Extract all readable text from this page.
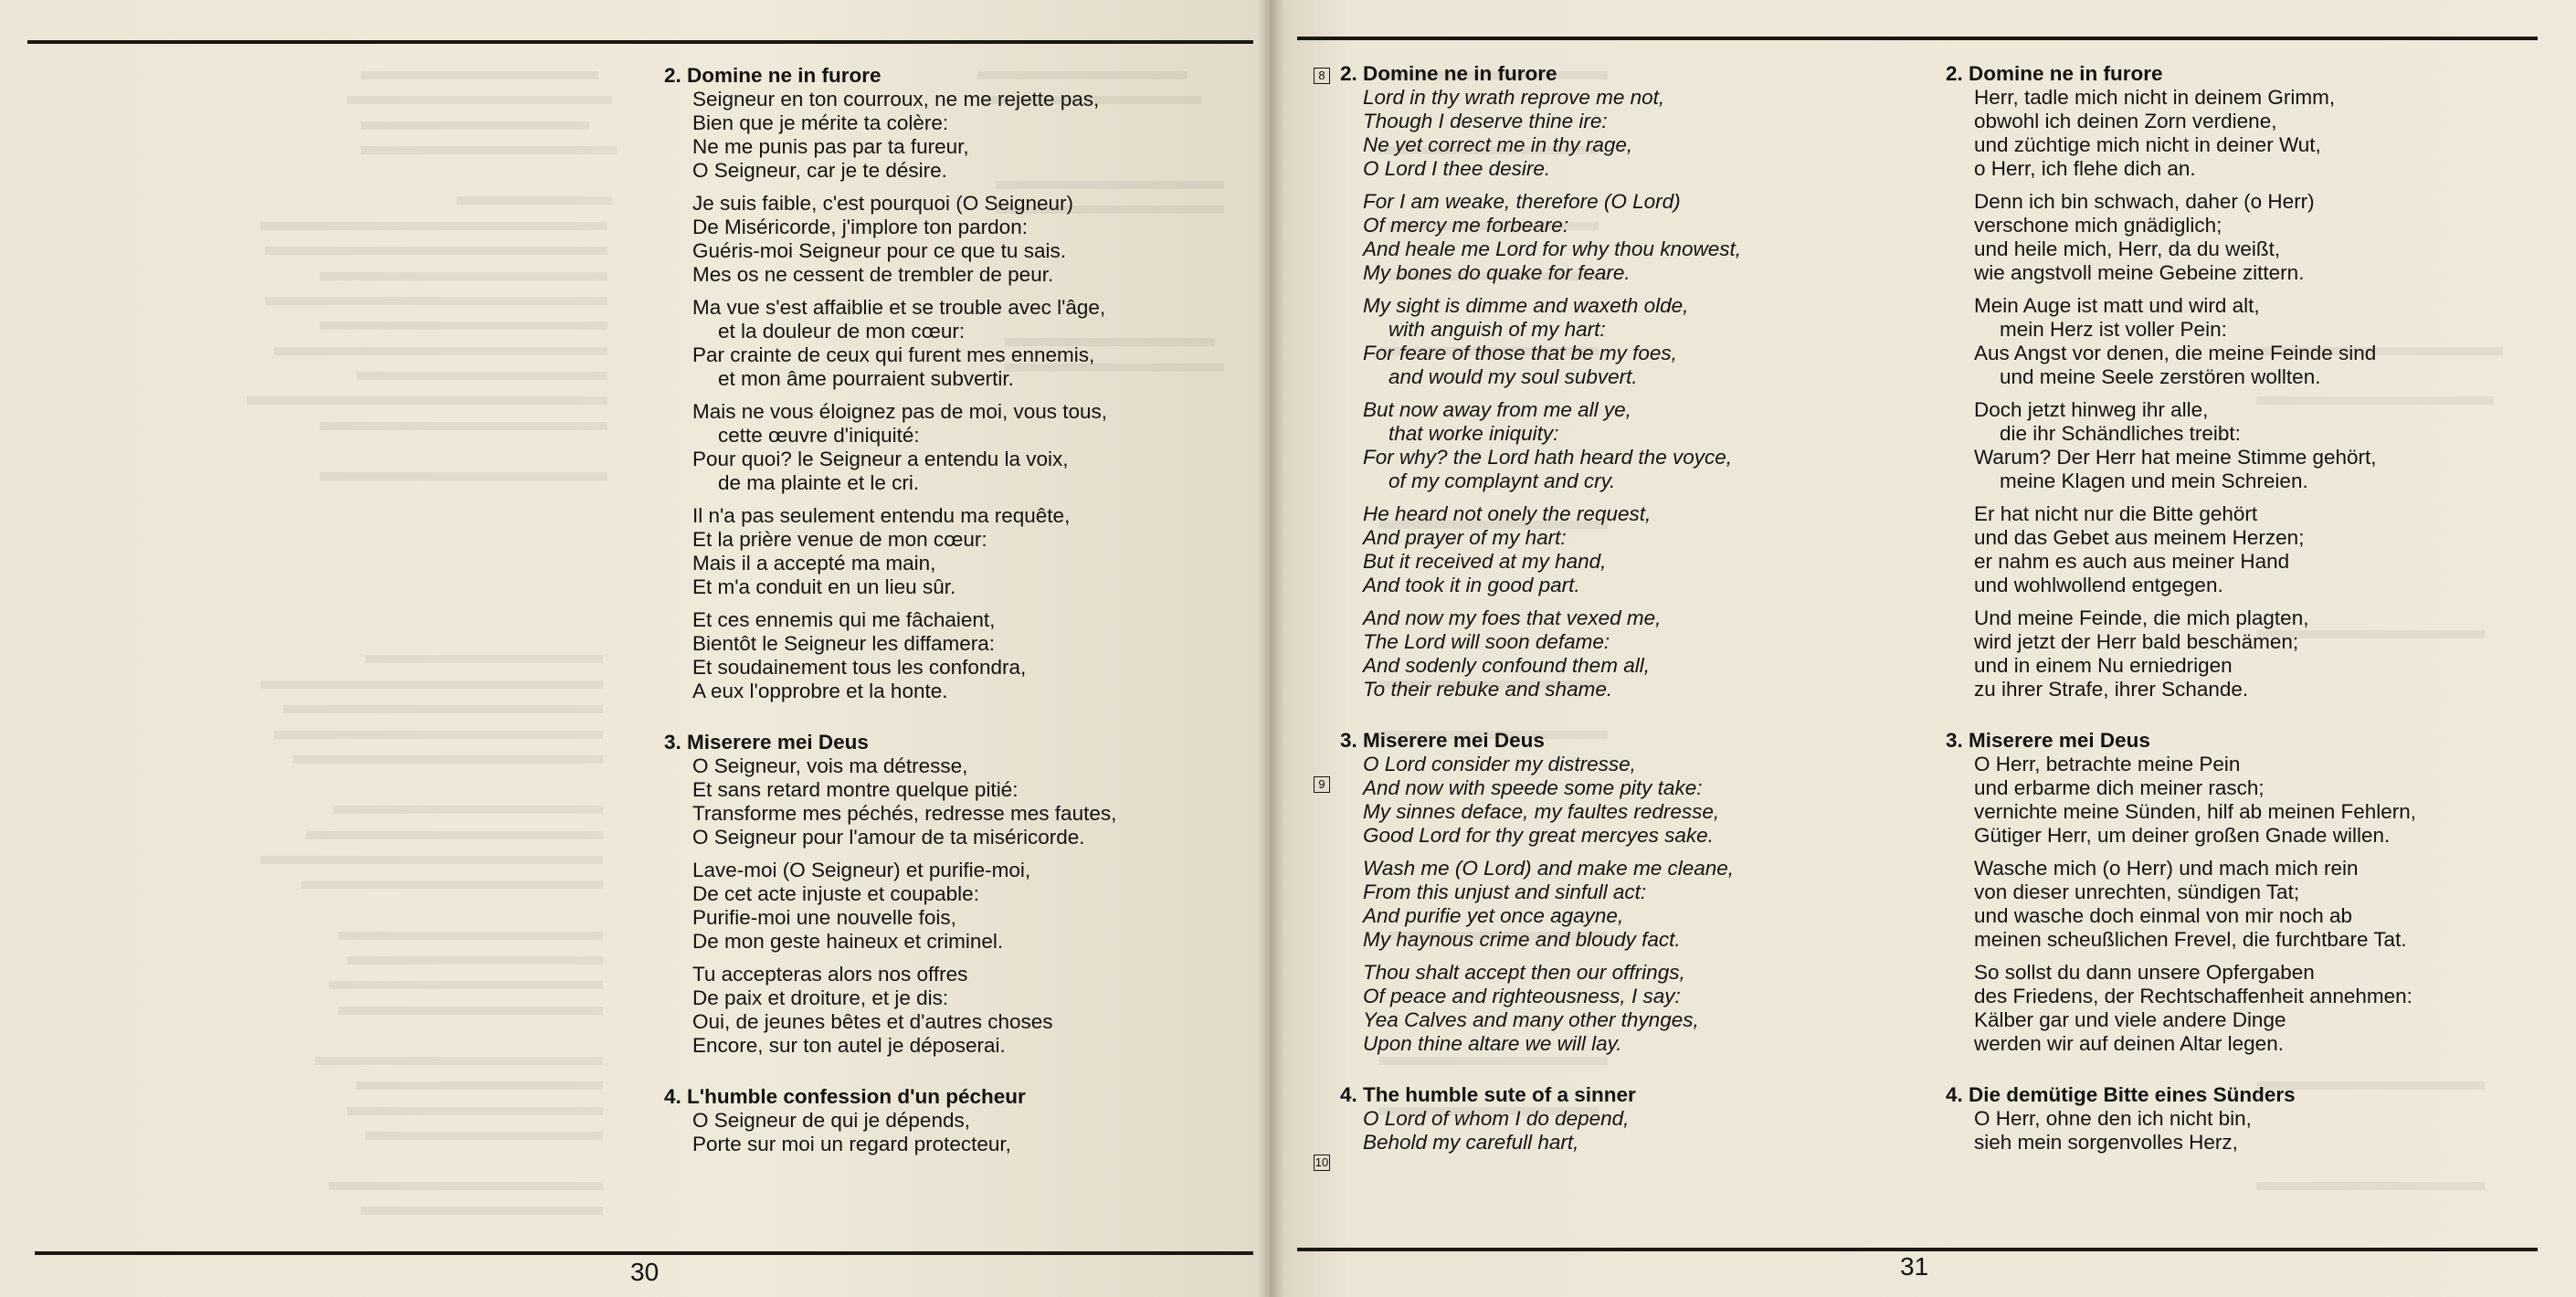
30	31
8
9
10
2. Domine ne in furore
Seigneur en ton courroux, ne me rejette pas,
Bien que je mérite ta colère:
Ne me punis pas par ta fureur,
O Seigneur, car je te désire.
Je suis faible, c'est pourquoi (O Seigneur)
De Miséricorde, j'implore ton pardon:
Guéris-moi Seigneur pour ce que tu sais.
Mes os ne cessent de trembler de peur.
Ma vue s'est affaiblie et se trouble avec l'âge,
et la douleur de mon cœur:
Par crainte de ceux qui furent mes ennemis,
et mon âme pourraient subvertir.
Mais ne vous éloignez pas de moi, vous tous,
cette œuvre d'iniquité:
Pour quoi? le Seigneur a entendu la voix,
de ma plainte et le cri.
Il n'a pas seulement entendu ma requête,
Et la prière venue de mon cœur:
Mais il a accepté ma main,
Et m'a conduit en un lieu sûr.
Et ces ennemis qui me fâchaient,
Bientôt le Seigneur les diffamera:
Et soudainement tous les confondra,
A eux l'opprobre et la honte.
3. Miserere mei Deus
O Seigneur, vois ma détresse,
Et sans retard montre quelque pitié:
Transforme mes péchés, redresse mes fautes,
O Seigneur pour l'amour de ta miséricorde.
Lave-moi (O Seigneur) et purifie-moi,
De cet acte injuste et coupable:
Purifie-moi une nouvelle fois,
De mon geste haineux et criminel.
Tu accepteras alors nos offres
De paix et droiture, et je dis:
Oui, de jeunes bêtes et d'autres choses
Encore, sur ton autel je déposerai.
4. L'humble confession d'un pécheur
O Seigneur de qui je dépends,
Porte sur moi un regard protecteur,
2. Domine ne in furore
Lord in thy wrath reprove me not,
Though I deserve thine ire:
Ne yet correct me in thy rage,
O Lord I thee desire.
For I am weake, therefore (O Lord)
Of mercy me forbeare:
And heale me Lord for why thou knowest,
My bones do quake for feare.
My sight is dimme and waxeth olde,
with anguish of my hart:
For feare of those that be my foes,
and would my soul subvert.
But now away from me all ye,
that worke iniquity:
For why? the Lord hath heard the voyce,
of my complaynt and cry.
He heard not onely the request,
And prayer of my hart:
But it received at my hand,
And took it in good part.
And now my foes that vexed me,
The Lord will soon defame:
And sodenly confound them all,
To their rebuke and shame.
3. Miserere mei Deus
O Lord consider my distresse,
And now with speede some pity take:
My sinnes deface, my faultes redresse,
Good Lord for thy great mercyes sake.
Wash me (O Lord) and make me cleane,
From this unjust and sinfull act:
And purifie yet once agayne,
My haynous crime and bloudy fact.
Thou shalt accept then our offrings,
Of peace and righteousness, I say:
Yea Calves and many other thynges,
Upon thine altare we will lay.
4. The humble sute of a sinner
O Lord of whom I do depend,
Behold my carefull hart,
2. Domine ne in furore
Herr, tadle mich nicht in deinem Grimm,
obwohl ich deinen Zorn verdiene,
und züchtige mich nicht in deiner Wut,
o Herr, ich flehe dich an.
Denn ich bin schwach, daher (o Herr)
verschone mich gnädiglich;
und heile mich, Herr, da du weißt,
wie angstvoll meine Gebeine zittern.
Mein Auge ist matt und wird alt,
mein Herz ist voller Pein:
Aus Angst vor denen, die meine Feinde sind
und meine Seele zerstören wollten.
Doch jetzt hinweg ihr alle,
die ihr Schändliches treibt:
Warum? Der Herr hat meine Stimme gehört,
meine Klagen und mein Schreien.
Er hat nicht nur die Bitte gehört
und das Gebet aus meinem Herzen;
er nahm es auch aus meiner Hand
und wohlwollend entgegen.
Und meine Feinde, die mich plagten,
wird jetzt der Herr bald beschämen;
und in einem Nu erniedrigen
zu ihrer Strafe, ihrer Schande.
3. Miserere mei Deus
O Herr, betrachte meine Pein
und erbarme dich meiner rasch;
vernichte meine Sünden, hilf ab meinen Fehlern,
Gütiger Herr, um deiner großen Gnade willen.
Wasche mich (o Herr) und mach mich rein
von dieser unrechten, sündigen Tat;
und wasche doch einmal von mir noch ab
meinen scheußlichen Frevel, die furchtbare Tat.
So sollst du dann unsere Opfergaben
des Friedens, der Rechtschaffenheit annehmen:
Kälber gar und viele andere Dinge
werden wir auf deinen Altar legen.
4. Die demütige Bitte eines Sünders
O Herr, ohne den ich nicht bin,
sieh mein sorgenvolles Herz,
